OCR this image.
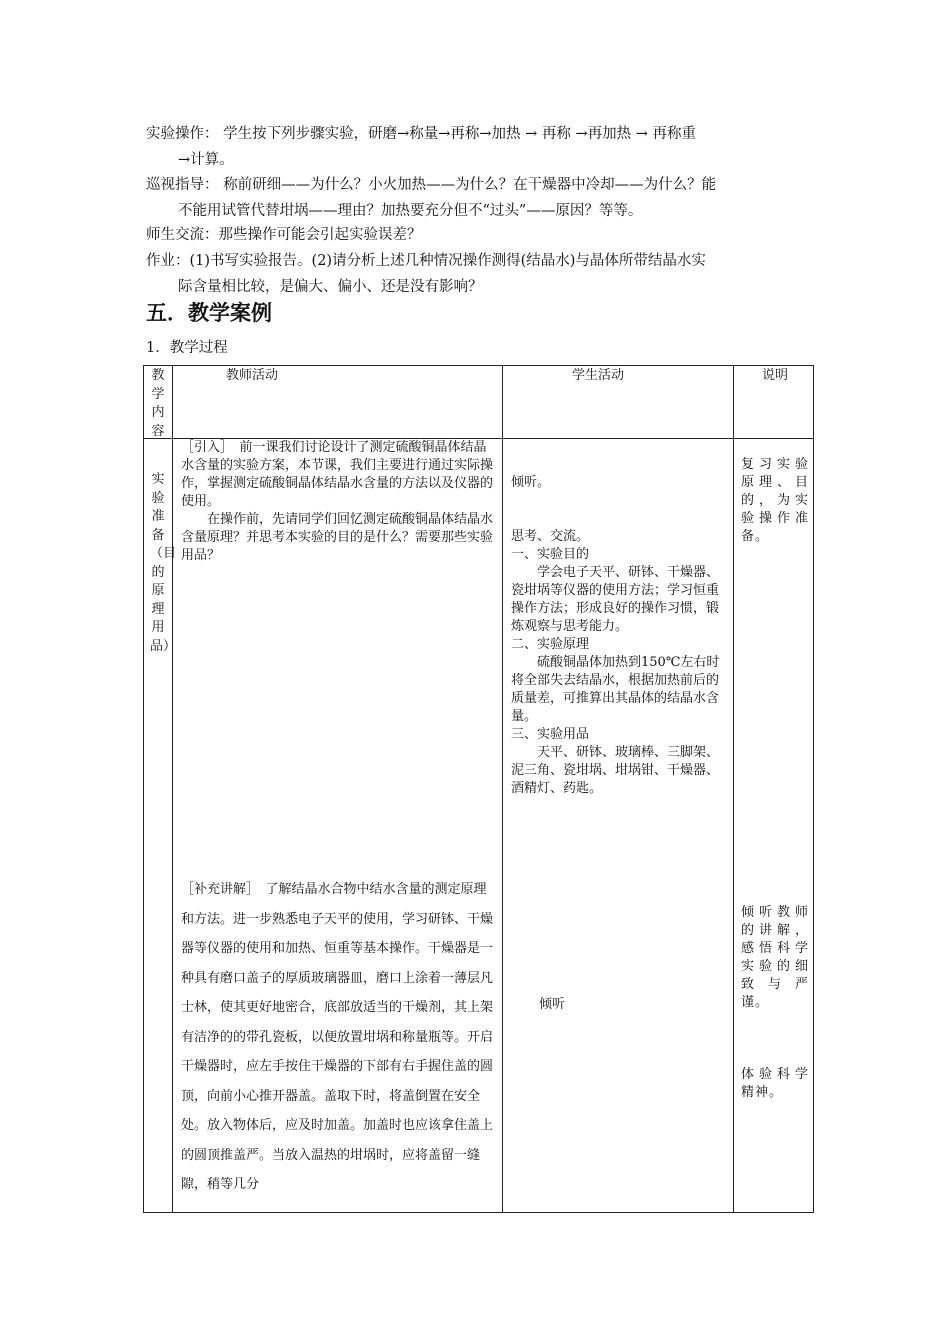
实验操作： 学生按下列步骤实验，研磨→称量→再称→加热 → 再称 →再加热 → 再称重
→计算。
巡视指导： 称前研细——为什么？小火加热——为什么？在干燥器中冷却——为什么？能
不能用试管代替坩埚——理由？加热要充分但不“过头”——原因？等等。
师生交流：那些操作可能会引起实验误差？
作业：(1)书写实验报告。(2)请分析上述几种情况操作测得(结晶水)与晶体所带结晶水实
际含量相比较，是偏大、偏小、还是没有影响？
五．教学案例
1．教学过程
教学内容
教师活动	学生活动	说明
实验准备（目的原理用品）
［引入］　前一课我们讨论设计了测定硫酸铜晶体结晶水含量的实验方案，本节课，我们主要进行通过实际操作，掌握测定硫酸铜晶体结晶水含量的方法以及仪器的使用。
在操作前，先请同学们回忆测定硫酸铜晶体结晶水含量原理？并思考本实验的目的是什么？需要那些实验用品？
倾听。
思考、交流。
一、实验目的
学会电子天平、研钵、干燥器、瓷坩埚等仪器的使用方法；学习恒重操作方法；形成良好的操作习惯，锻炼观察与思考能力。
二、实验原理
硫酸铜晶体加热到150℃左右时将全部失去结晶水，根据加热前后的质量差，可推算出其晶体的结晶水含量。
三、实验用品
天平、研钵、玻璃棒、三脚架、泥三角、瓷坩埚、坩埚钳、干燥器、酒精灯、药匙。
复习实验原理、目的，为实验操作准备。
［补充讲解］　了解结晶水合物中结水含量的测定原理和方法。进一步熟悉电子天平的使用，学习研钵、干燥器等仪器的使用和加热、恒重等基本操作。干燥器是一种具有磨口盖子的厚质玻璃器皿，磨口上涂着一薄层凡士林，使其更好地密合，底部放适当的干燥剂，其上架有洁净的的带孔瓷板，以便放置坩埚和称量瓶等。开启干燥器时，应左手按住干燥器的下部有右手握住盖的圆顶，向前小心推开器盖。盖取下时，将盖倒置在安全处。放入物体后，应及时加盖。加盖时也应该拿住盖上的圆顶推盖严。当放入温热的坩埚时，应将盖留一缝隙，稍等几分
倾听
倾听教师的讲解，感悟科学实验的细致与严谨。
体验科学精神。
